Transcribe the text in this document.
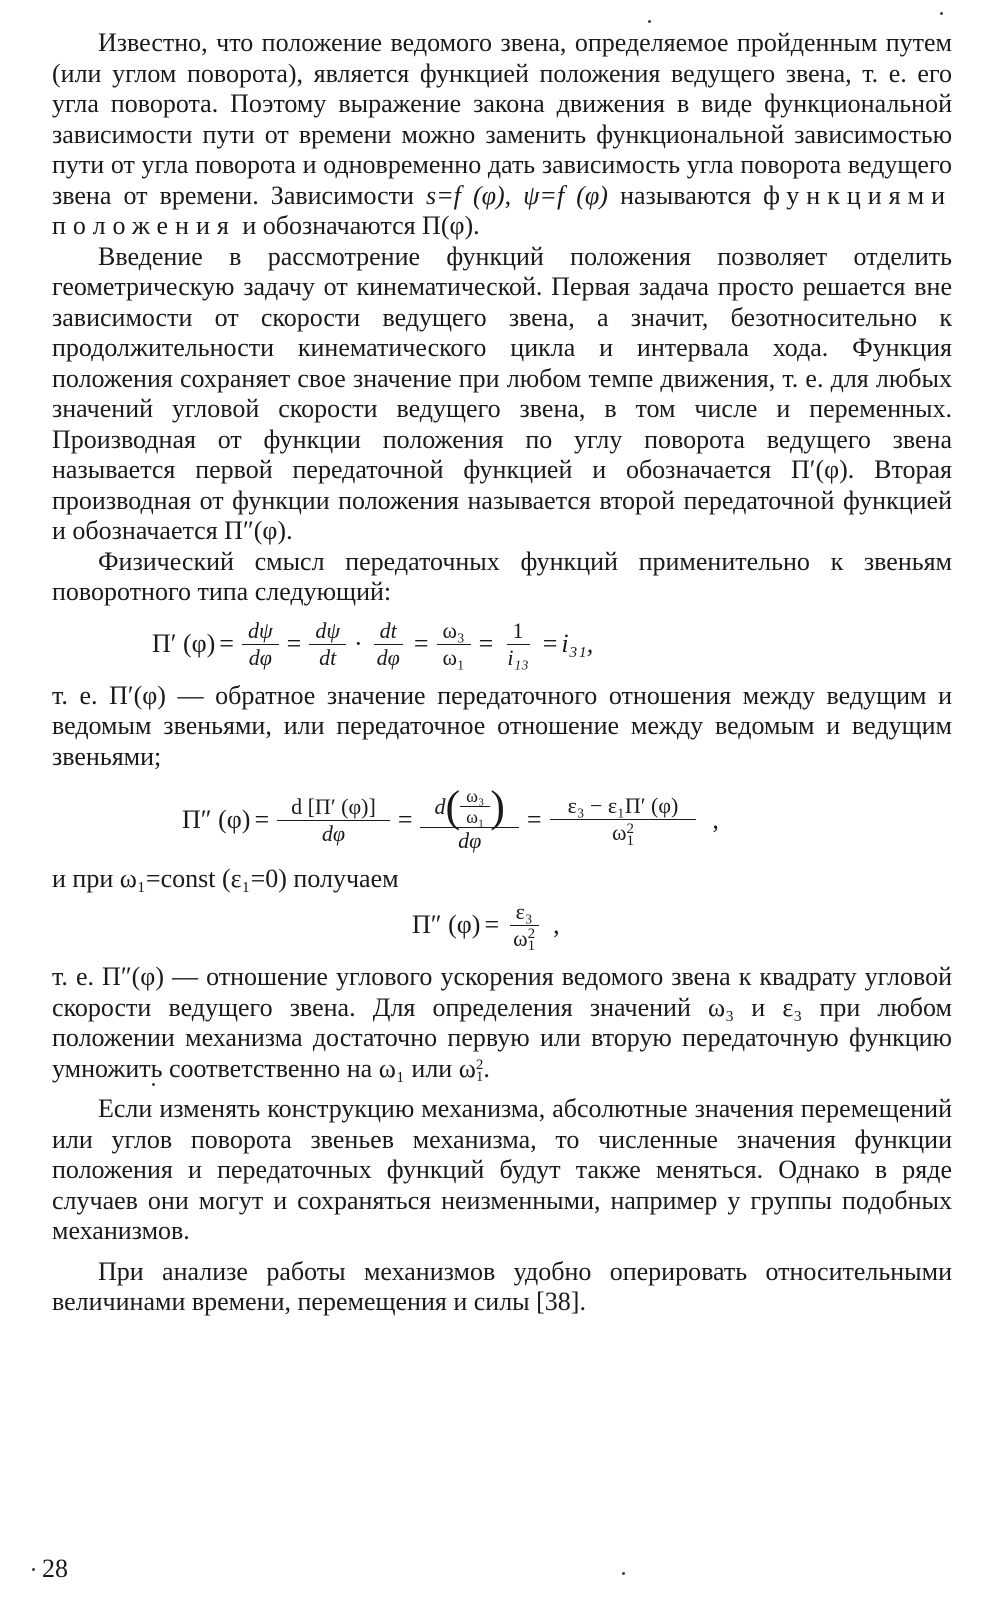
Известно, что положение ведомого звена, определяемое пройденным путем (или углом поворота), является функцией положения ведущего звена, т. е. его угла поворота. Поэтому выражение закона движения в виде функциональной зависимости пути от времени можно заменить функциональной зависимостью пути от угла поворота и одновременно дать зависимость угла поворота ведущего звена от времени. Зависимости s=f (φ), ψ=f (φ) называются функциями положения и обозначаются П(φ).

Введение в рассмотрение функций положения позволяет отделить геометрическую задачу от кинематической. Первая задача просто решается вне зависимости от скорости ведущего звена, а значит, безотносительно к продолжительности кинематического цикла и интервала хода. Функция положения сохраняет свое значение при любом темпе движения, т. е. для любых значений угловой скорости ведущего звена, в том числе и переменных. Производная от функции положения по углу поворота ведущего звена называется первой передаточной функцией и обозначается П′(φ). Вторая производная от функции положения называется второй передаточной функцией и обозначается П″(φ).

Физический смысл передаточных функций применительно к звеньям поворотного типа следующий:

П′ $(\varphi) = \frac{d\psi}{d\varphi} = \frac{d\psi}{dt} \cdot \frac{dt}{d\varphi} = \frac{\text{ω₃}}{\text{ω₁}} = \frac{1}{\text{i₁₃}} = i_{31}$,

т. е. П′(φ) — обратное значение передаточного отношения между ведущим и ведомым звеньями, или передаточное отношение между ведомым и ведущим звеньями;

П″ $(\varphi) = \frac{d [П' (\varphi)]}{d\varphi} = d$ ( $\frac{\text{ω₃}}{\text{ω₁}}$ )
dφ
= ε₃ − ε₁П′ (φ)
ω 2
1 ,

и при ω₁=const (ε₁=0) получаем

П″ (φ) = ε₃
ω 2
1 ,

т. е. П″(φ) — отношение углового ускорения ведомого звена к квадрату угловой скорости ведущего звена. Для определения значений ω₃ и ε₃ при любом положении механизма достаточно первую или вторую передаточную функцию умножить соответственно на ω₁ или ω 2
1 .

Если изменять конструкцию механизма, абсолютные значения перемещений или углов поворота звеньев механизма, то численные значения функции положения и передаточных функций будут также меняться. Однако в ряде случаев они могут и сохраняться неизменными, например у группы подобных механизмов.

При анализе работы механизмов удобно оперировать относительными величинами времени, перемещения и силы [38].

28
